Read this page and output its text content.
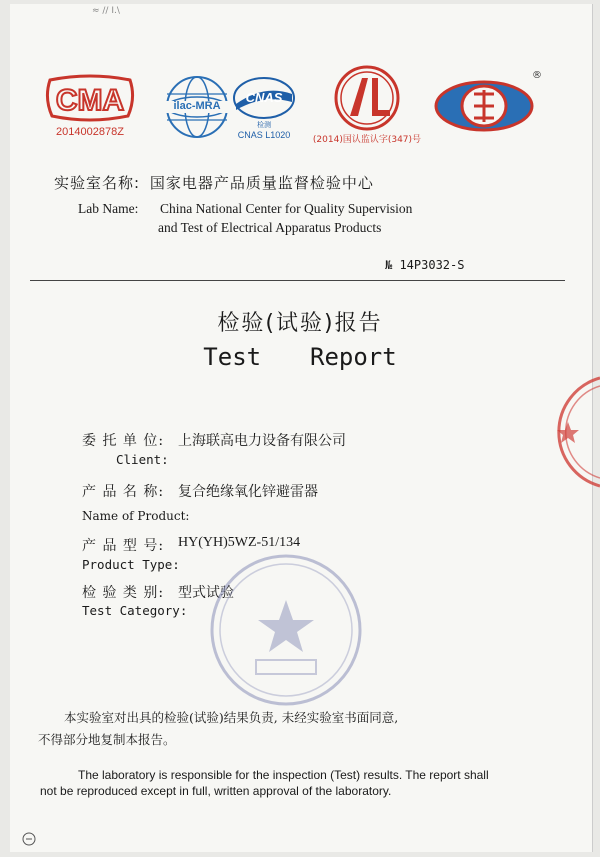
≈ // I.\
CMA
2014002878Z
ilac-MRA
CNAS
检测
CNAS L1020	(2014)国认监认字(347)号
®
实验室名称: 国家电器产品质量监督检验中心
Lab Name: China National Center for Quality Supervision
and Test of Electrical Apparatus Products
№ 14P3032-S
检验(试验)报告
Test  Report
委 托 单 位: 上海联高电力设备有限公司
Client:
产 品 名 称: 复合绝缘氧化锌避雷器
Name of Product:
产 品 型 号: HY(YH)5WZ-51/134
Product Type:
检 验 类 别: 型式试验
Test Category:
本实验室对出具的检验(试验)结果负责, 未经实验室书面同意,
不得部分地复制本报告。
The laboratory is responsible for the inspection (Test) results. The report shall
not be reproduced except in full, written approval of the laboratory.
